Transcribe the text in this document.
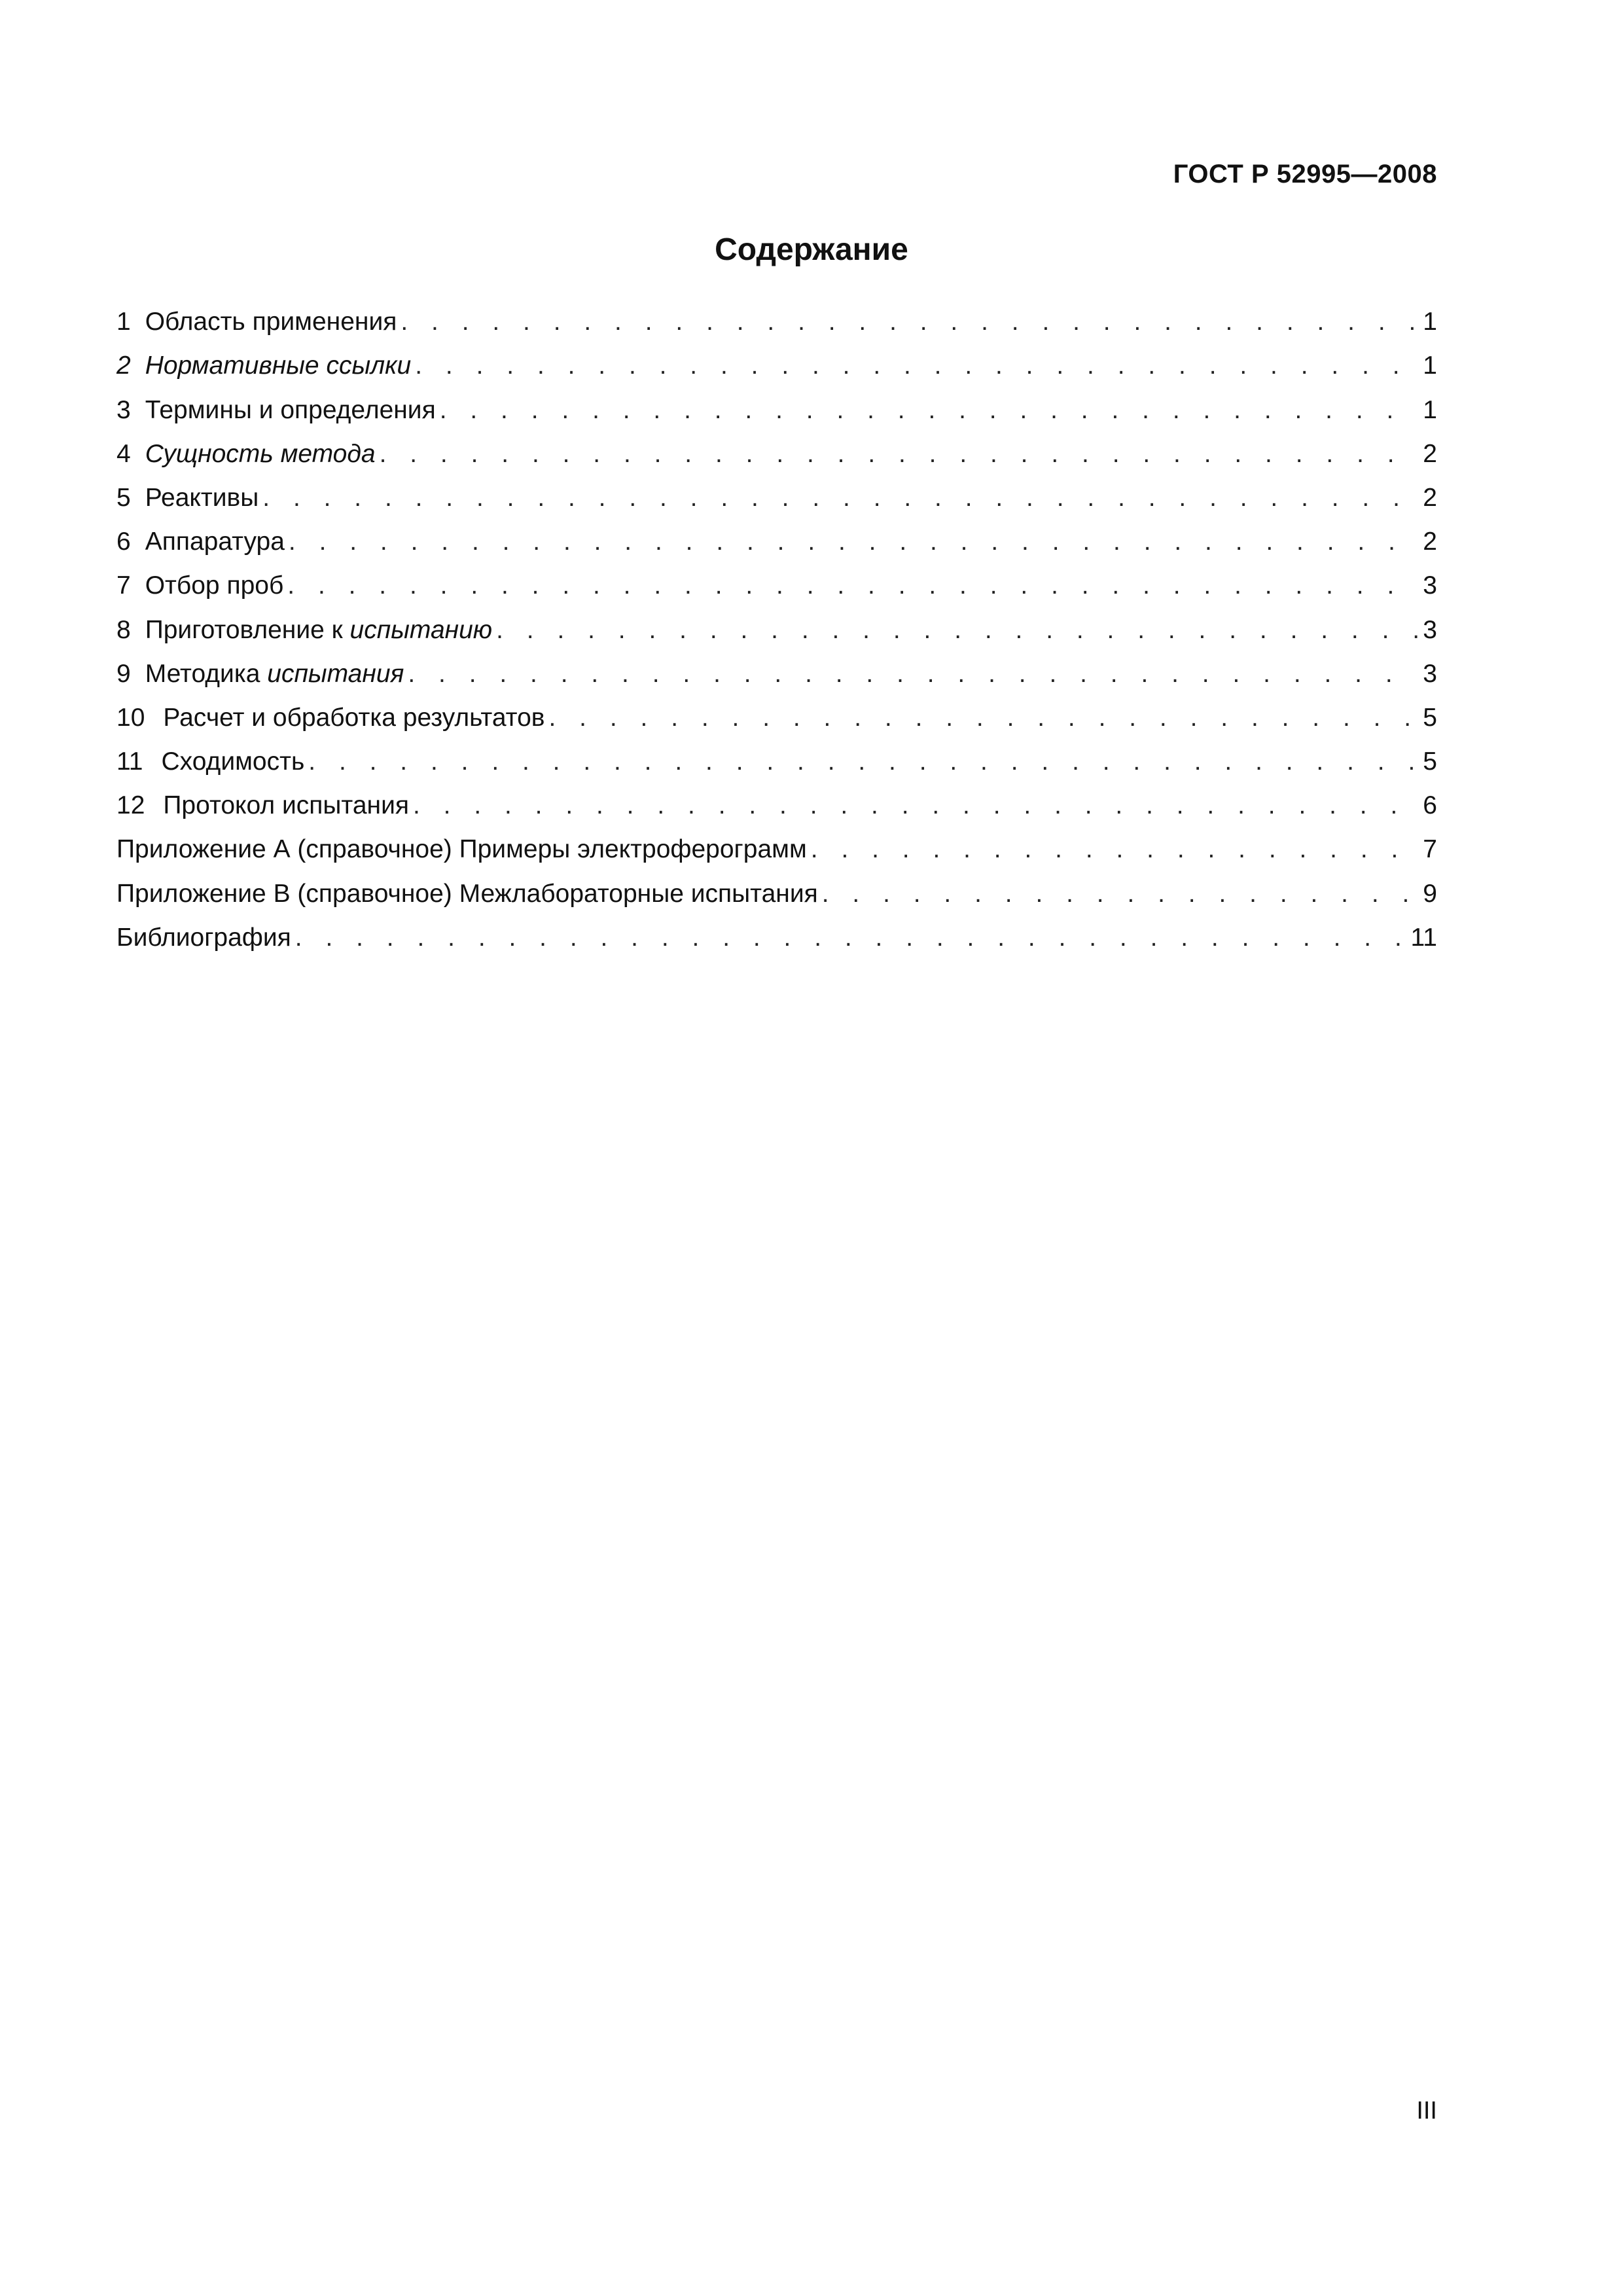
ГОСТ Р 52995—2008
Содержание
1 Область применения . . .	1
2 Нормативные ссылки . . .	1
3 Термины и определения . . .	1
4 Сущность метода . . .	2
5 Реактивы . . .	2
6 Аппаратура . . .	2
7 Отбор проб . . .	3
8 Приготовление к испытанию . . .	3
9 Методика испытания . . .	3
10 Расчет и обработка результатов . . .	5
11 Сходимость . . .	5
12 Протокол испытания . . .	6
Приложение А (справочное) Примеры электроферограмм . . .	7
Приложение В (справочное) Межлабораторные испытания . . .	9
Библиография . . .	11
III
